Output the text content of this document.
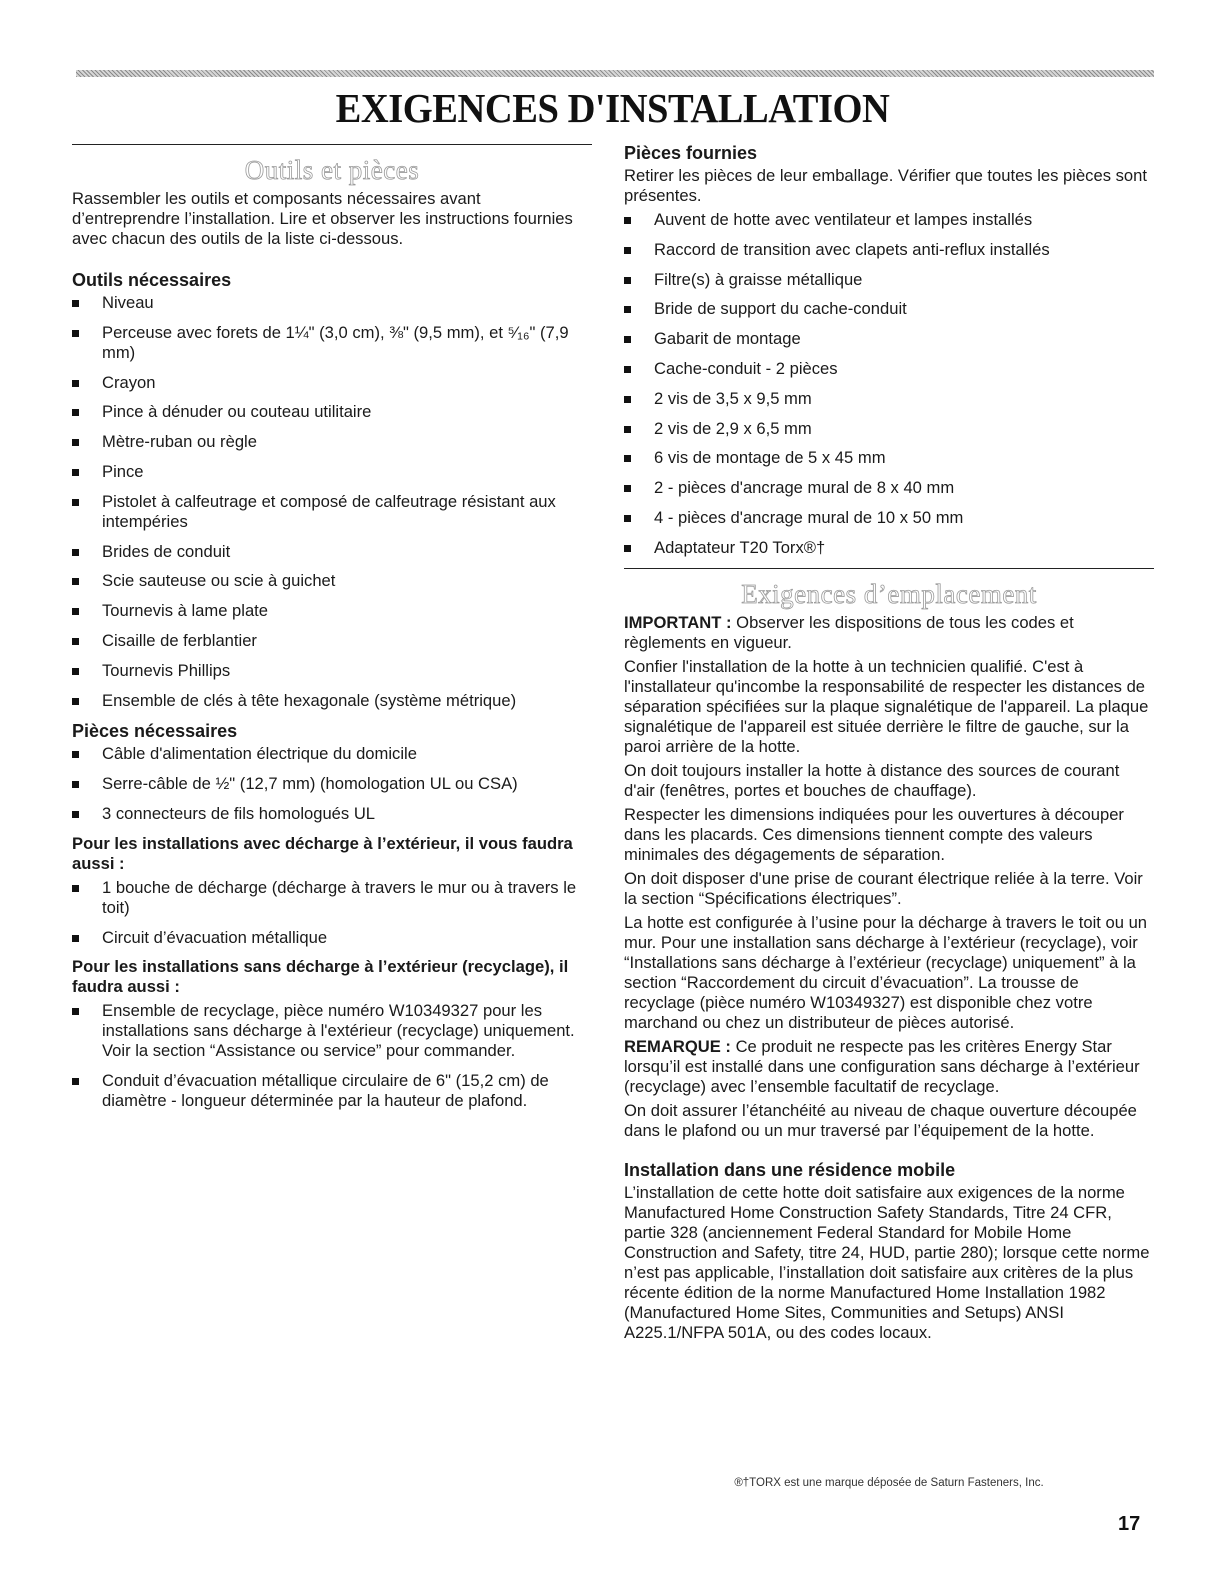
EXIGENCES D'INSTALLATION
Outils et pièces

Rassembler les outils et composants nécessaires avant d’entreprendre l’installation. Lire et observer les instructions fournies avec chacun des outils de la liste ci-dessous.

Outils nécessaires
Niveau
Perceuse avec forets de 1¼" (3,0 cm), ⅜" (9,5 mm), et ⁵⁄₁₆" (7,9 mm)
Crayon
Pince à dénuder ou couteau utilitaire
Mètre-ruban ou règle
Pince
Pistolet à calfeutrage et composé de calfeutrage résistant aux intempéries
Brides de conduit
Scie sauteuse ou scie à guichet
Tournevis à lame plate
Cisaille de ferblantier
Tournevis Phillips
Ensemble de clés à tête hexagonale (système métrique)
Pièces nécessaires
Câble d'alimentation électrique du domicile
Serre-câble de ½" (12,7 mm) (homologation UL ou CSA)
3 connecteurs de fils homologués UL
Pour les installations avec décharge à l’extérieur, il vous faudra aussi :
1 bouche de décharge (décharge à travers le mur ou à travers le toit)
Circuit d’évacuation métallique
Pour les installations sans décharge à l’extérieur (recyclage), il faudra aussi :
Ensemble de recyclage, pièce numéro W10349327 pour les installations sans décharge à l'extérieur (recyclage) uniquement. Voir la section “Assistance ou service” pour commander.
Conduit d’évacuation métallique circulaire de 6" (15,2 cm) de diamètre - longueur déterminée par la hauteur de plafond.
Pièces fournies

Retirer les pièces de leur emballage. Vérifier que toutes les pièces sont présentes.

Auvent de hotte avec ventilateur et lampes installés
Raccord de transition avec clapets anti-reflux installés
Filtre(s) à graisse métallique
Bride de support du cache-conduit
Gabarit de montage
Cache-conduit - 2 pièces
2 vis de 3,5 x 9,5 mm
2 vis de 2,9 x 6,5 mm
6 vis de montage de 5 x 45 mm
2 - pièces d'ancrage mural de 8 x 40 mm
4 - pièces d'ancrage mural de 10 x 50 mm
Adaptateur T20 Torx®†
Exigences d’emplacement

IMPORTANT : Observer les dispositions de tous les codes et règlements en vigueur.

Confier l'installation de la hotte à un technicien qualifié. C'est à l'installateur qu'incombe la responsabilité de respecter les distances de séparation spécifiées sur la plaque signalétique de l'appareil. La plaque signalétique de l'appareil est située derrière le filtre de gauche, sur la paroi arrière de la hotte.

On doit toujours installer la hotte à distance des sources de courant d'air (fenêtres, portes et bouches de chauffage).

Respecter les dimensions indiquées pour les ouvertures à découper dans les placards. Ces dimensions tiennent compte des valeurs minimales des dégagements de séparation.

On doit disposer d'une prise de courant électrique reliée à la terre. Voir la section “Spécifications électriques”.

La hotte est configurée à l’usine pour la décharge à travers le toit ou un mur. Pour une installation sans décharge à l’extérieur (recyclage), voir “Installations sans décharge à l’extérieur (recyclage) uniquement” à la section “Raccordement du circuit d’évacuation”. La trousse de recyclage (pièce numéro W10349327) est disponible chez votre marchand ou chez un distributeur de pièces autorisé.

REMARQUE : Ce produit ne respecte pas les critères Energy Star lorsqu’il est installé dans une configuration sans décharge à l’extérieur (recyclage) avec l’ensemble facultatif de recyclage.

On doit assurer l’étanchéité au niveau de chaque ouverture découpée dans le plafond ou un mur traversé par l’équipement de la hotte.

Installation dans une résidence mobile

L’installation de cette hotte doit satisfaire aux exigences de la norme Manufactured Home Construction Safety Standards, Titre 24 CFR, partie 328 (anciennement Federal Standard for Mobile Home Construction and Safety, titre 24, HUD, partie 280); lorsque cette norme n’est pas applicable, l’installation doit satisfaire aux critères de la plus récente édition de la norme Manufactured Home Installation 1982 (Manufactured Home Sites, Communities and Setups) ANSI A225.1/NFPA 501A, ou des codes locaux.

®†TORX est une marque déposée de Saturn Fasteners, Inc.
17
